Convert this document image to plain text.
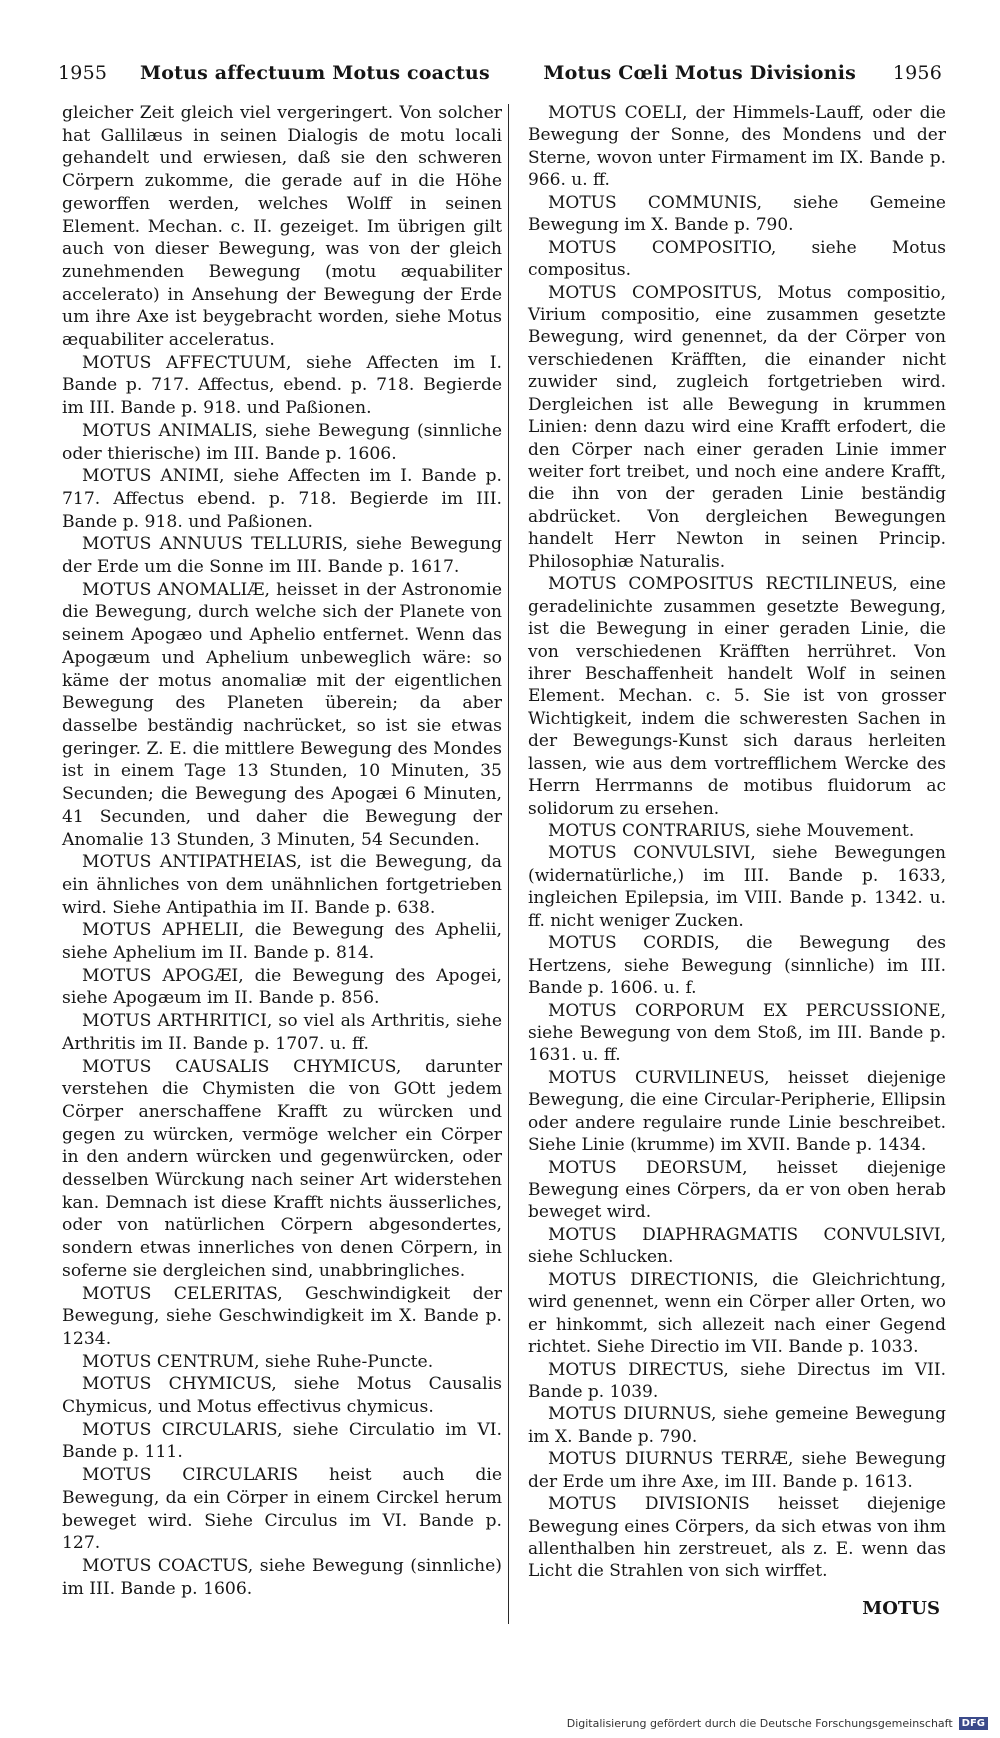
1955 Motus affectuum Motus coactus	Motus Cœli Motus Divisionis 1956

gleicher Zeit gleich viel vergeringert. Von solcher hat Gallilæus in seinen Dialogis de motu locali gehandelt und erwiesen, daß sie den schweren Cörpern zukomme, die gerade auf in die Höhe geworffen werden, welches Wolff in seinen Element. Mechan. c. II. gezeiget. Im übrigen gilt auch von dieser Bewegung, was von der gleich zunehmenden Bewegung (motu æquabiliter accelerato) in Ansehung der Bewegung der Erde um ihre Axe ist beygebracht worden, siehe Motus æquabiliter acceleratus.

MOTUS AFFECTUUM, siehe Affecten im I. Bande p. 717. Affectus, ebend. p. 718. Begierde im III. Bande p. 918. und Paßionen.

MOTUS ANIMALIS, siehe Bewegung (sinnliche oder thierische) im III. Bande p. 1606.

MOTUS ANIMI, siehe Affecten im I. Bande p. 717. Affectus ebend. p. 718. Begierde im III. Bande p. 918. und Paßionen.

MOTUS ANNUUS TELLURIS, siehe Bewegung der Erde um die Sonne im III. Bande p. 1617.

MOTUS ANOMALIÆ, heisset in der Astronomie die Bewegung, durch welche sich der Planete von seinem Apogæo und Aphelio entfernet. Wenn das Apogæum und Aphelium unbeweglich wäre: so käme der motus anomaliæ mit der eigentlichen Bewegung des Planeten überein; da aber dasselbe beständig nachrücket, so ist sie etwas geringer. Z. E. die mittlere Bewegung des Mondes ist in einem Tage 13 Stunden, 10 Minuten, 35 Secunden; die Bewegung des Apogæi 6 Minuten, 41 Secunden, und daher die Bewegung der Anomalie 13 Stunden, 3 Minuten, 54 Secunden.

MOTUS ANTIPATHEIAS, ist die Bewegung, da ein ähnliches von dem unähnlichen fortgetrieben wird. Siehe Antipathia im II. Bande p. 638.

MOTUS APHELII, die Bewegung des Aphelii, siehe Aphelium im II. Bande p. 814.

MOTUS APOGÆI, die Bewegung des Apogei, siehe Apogæum im II. Bande p. 856.

MOTUS ARTHRITICI, so viel als Arthritis, siehe Arthritis im II. Bande p. 1707. u. ff.

MOTUS CAUSALIS CHYMICUS, darunter verstehen die Chymisten die von GOtt jedem Cörper anerschaffene Krafft zu würcken und gegen zu würcken, vermöge welcher ein Cörper in den andern würcken und gegenwürcken, oder desselben Würckung nach seiner Art widerstehen kan. Demnach ist diese Krafft nichts äusserliches, oder von natürlichen Cörpern abgesondertes, sondern etwas innerliches von denen Cörpern, in soferne sie dergleichen sind, unabbringliches.

MOTUS CELERITAS, Geschwindigkeit der Bewegung, siehe Geschwindigkeit im X. Bande p. 1234.

MOTUS CENTRUM, siehe Ruhe-Puncte.

MOTUS CHYMICUS, siehe Motus Causalis Chymicus, und Motus effectivus chymicus.

MOTUS CIRCULARIS, siehe Circulatio im VI. Bande p. 111.

MOTUS CIRCULARIS heist auch die Bewegung, da ein Cörper in einem Circkel herum beweget wird. Siehe Circulus im VI. Bande p. 127.

MOTUS COACTUS, siehe Bewegung (sinnliche) im III. Bande p. 1606.

MOTUS COELI, der Himmels-Lauff, oder die Bewegung der Sonne, des Mondens und der Sterne, wovon unter Firmament im IX. Bande p. 966. u. ff.

MOTUS COMMUNIS, siehe Gemeine Bewegung im X. Bande p. 790.

MOTUS COMPOSITIO, siehe Motus compositus.

MOTUS COMPOSITUS, Motus compositio, Virium compositio, eine zusammen gesetzte Bewegung, wird genennet, da der Cörper von verschiedenen Kräfften, die einander nicht zuwider sind, zugleich fortgetrieben wird. Dergleichen ist alle Bewegung in krummen Linien: denn dazu wird eine Krafft erfodert, die den Cörper nach einer geraden Linie immer weiter fort treibet, und noch eine andere Krafft, die ihn von der geraden Linie beständig abdrücket. Von dergleichen Bewegungen handelt Herr Newton in seinen Princip. Philosophiæ Naturalis.

MOTUS COMPOSITUS RECTILINEUS, eine geradelinichte zusammen gesetzte Bewegung, ist die Bewegung in einer geraden Linie, die von verschiedenen Kräfften herrühret. Von ihrer Beschaffenheit handelt Wolf in seinen Element. Mechan. c. 5. Sie ist von grosser Wichtigkeit, indem die schweresten Sachen in der Bewegungs-Kunst sich daraus herleiten lassen, wie aus dem vortrefflichem Wercke des Herrn Herrmanns de motibus fluidorum ac solidorum zu ersehen.

MOTUS CONTRARIUS, siehe Mouvement.

MOTUS CONVULSIVI, siehe Bewegungen (widernatürliche,) im III. Bande p. 1633, ingleichen Epilepsia, im VIII. Bande p. 1342. u. ff. nicht weniger Zucken.

MOTUS CORDIS, die Bewegung des Hertzens, siehe Bewegung (sinnliche) im III. Bande p. 1606. u. f.

MOTUS CORPORUM EX PERCUSSIONE, siehe Bewegung von dem Stoß, im III. Bande p. 1631. u. ff.

MOTUS CURVILINEUS, heisset diejenige Bewegung, die eine Circular-Peripherie, Ellipsin oder andere regulaire runde Linie beschreibet. Siehe Linie (krumme) im XVII. Bande p. 1434.

MOTUS DEORSUM, heisset diejenige Bewegung eines Cörpers, da er von oben herab beweget wird.

MOTUS DIAPHRAGMATIS CONVULSIVI, siehe Schlucken.

MOTUS DIRECTIONIS, die Gleichrichtung, wird genennet, wenn ein Cörper aller Orten, wo er hinkommt, sich allezeit nach einer Gegend richtet. Siehe Directio im VII. Bande p. 1033.

MOTUS DIRECTUS, siehe Directus im VII. Bande p. 1039.

MOTUS DIURNUS, siehe gemeine Bewegung im X. Bande p. 790.

MOTUS DIURNUS TERRÆ, siehe Bewegung der Erde um ihre Axe, im III. Bande p. 1613.

MOTUS DIVISIONIS heisset diejenige Bewegung eines Cörpers, da sich etwas von ihm allenthalben hin zerstreuet, als z. E. wenn das Licht die Strahlen von sich wirffet.

MOTUS
Digitalisierung gefördert durch die Deutsche Forschungsgemeinschaft DFG
